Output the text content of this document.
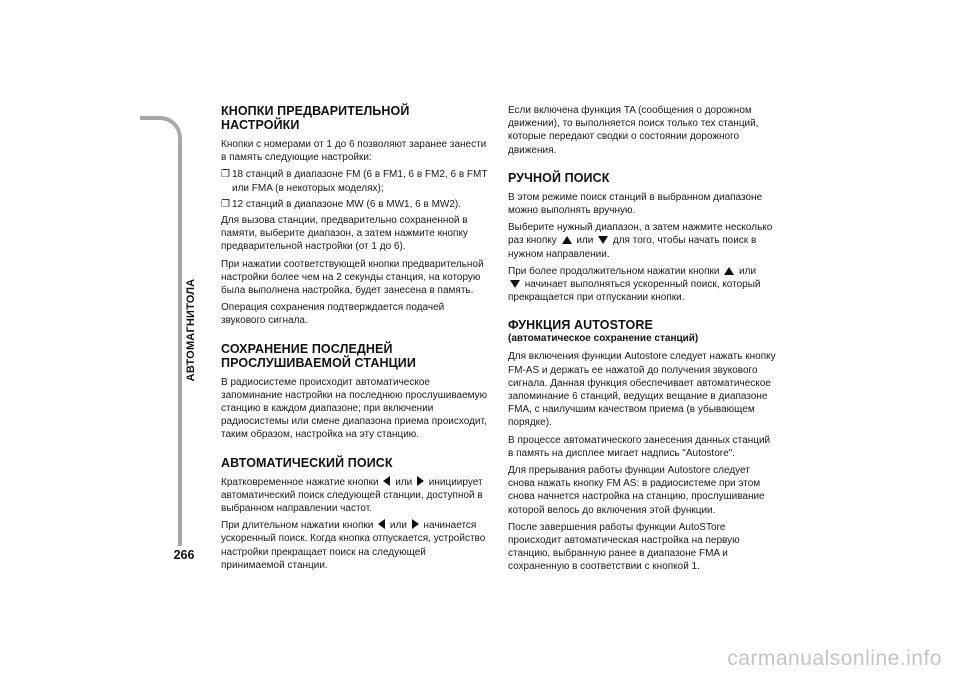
АВТОМАГНИТОЛА
266
КНОПКИ ПРЕДВАРИТЕЛЬНОЙ НАСТРОЙКИ

Кнопки с номерами от 1 до 6 позволяют заранее занести в память следующие настройки:

❐ 18 станций в диапазоне FM (6 в FM1, 6 в FM2, 6 в FMT или FMA (в некоторых моделях);
❐ 12 станций в диапазоне MW (6 в MW1, 6 в MW2).

Для вызова станции, предварительно сохраненной в памяти, выберите диапазон, а затем нажмите кнопку предварительной настройки (от 1 до 6).

При нажатии соответствующей кнопки предварительной настройки более чем на 2 секунды станция, на которую была выполнена настройка, будет занесена в память.

Операция сохранения подтверждается подачей звукового сигнала.

СОХРАНЕНИЕ ПОСЛЕДНЕЙ
ПРОСЛУШИВАЕМОЙ СТАНЦИИ

В радиосистеме происходит автоматическое запоминание настройки на последнюю прослушиваемую станцию в каждом диапазоне; при включении радиосистемы или смене диапазона приема происходит, таким образом, настройка на эту станцию.

АВТОМАТИЧЕСКИЙ ПОИСК

Кратковременное нажатие кнопки или инициирует автоматический поиск следующей станции, доступной в выбранном направлении частот.

При длительном нажатии кнопки или начинается ускоренный поиск. Когда кнопка отпускается, устройство настройки прекращает поиск на следующей принимаемой станции.

Если включена функция TA (сообщения о дорожном движении), то выполняется поиск только тех станций, которые передают сводки о состоянии дорожного движения.

РУЧНОЙ ПОИСК

В этом режиме поиск станций в выбранном диапазоне можно выполнять вручную.

Выберите нужный диапазон, а затем нажмите несколько раз кнопку или для того, чтобы начать поиск в нужном направлении.

При более продолжительном нажатии кнопки или
начинает выполняться ускоренный поиск, который прекращается при отпускании кнопки.

ФУНКЦИЯ AUTOSTORE
(автоматическое сохранение станций)

Для включения функции Autostore следует нажать кнопку FM-AS и держать ее нажатой до получения звукового сигнала. Данная функция обеспечивает автоматическое запоминание 6 станций, ведущих вещание в диапазоне FMA, с наилучшим качеством приема (в убывающем порядке).

В процессе автоматического занесения данных станций в память на дисплее мигает надпись "Autostore".

Для прерывания работы функции Autostore следует снова нажать кнопку FM AS: в радиосистеме при этом снова начнется настройка на станцию, прослушивание которой велось до включения этой функции.

После завершения работы функции AutoSTore происходит автоматическая настройка на первую станцию, выбранную ранее в диапазоне FMA и сохраненную в соответствии с кнопкой 1.

carmanualsonline.info
